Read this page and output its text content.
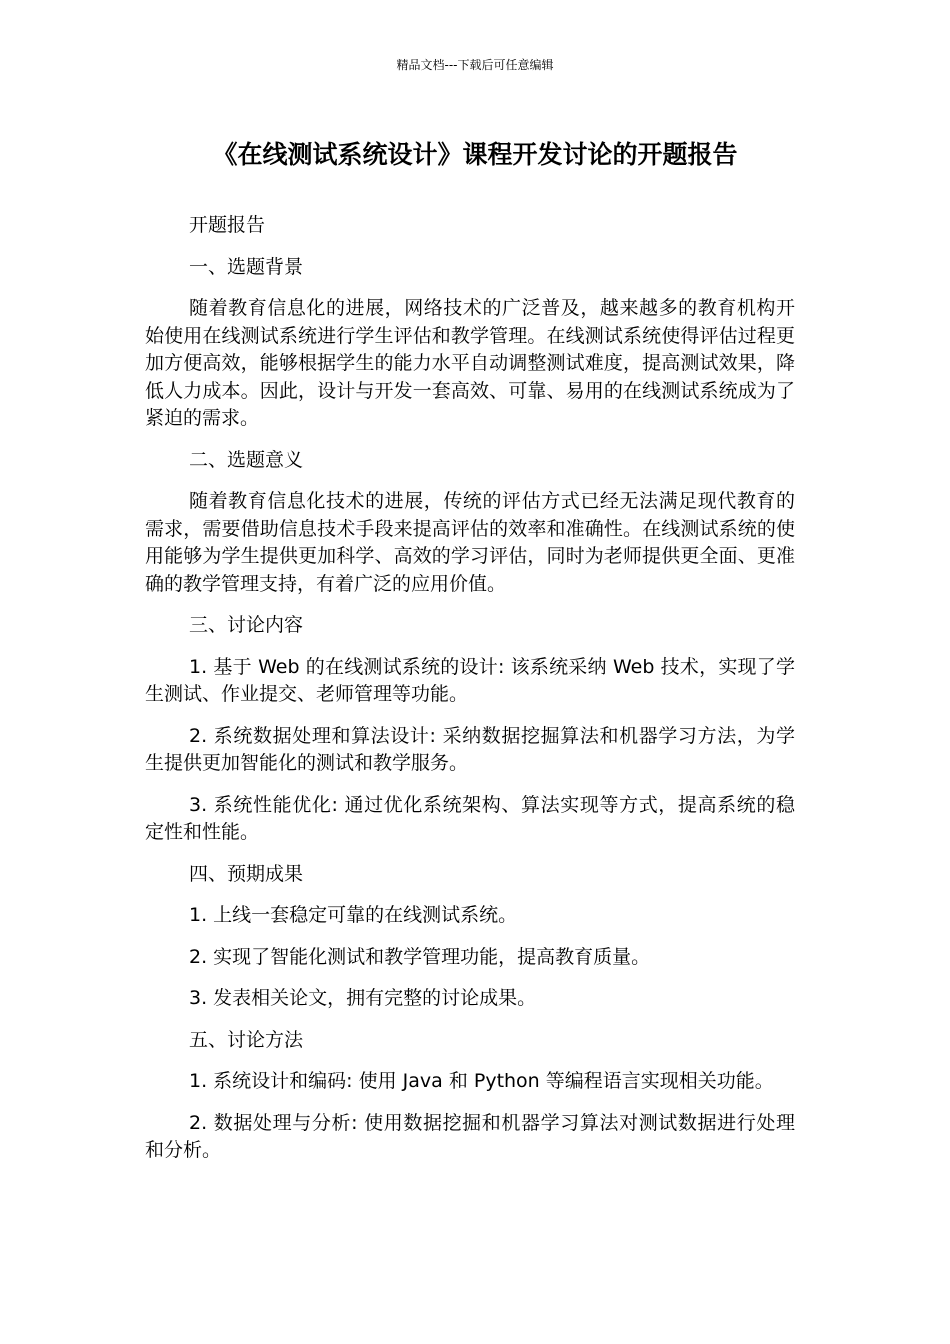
精品文档---下载后可任意编辑
《在线测试系统设计》课程开发讨论的开题报告

开题报告

一、选题背景

随着教育信息化的进展，网络技术的广泛普及，越来越多的教育机构开始使用在线测试系统进行学生评估和教学管理。在线测试系统使得评估过程更加方便高效，能够根据学生的能力水平自动调整测试难度，提高测试效果，降低人力成本。因此，设计与开发一套高效、可靠、易用的在线测试系统成为了紧迫的需求。

二、选题意义

随着教育信息化技术的进展，传统的评估方式已经无法满足现代教育的需求，需要借助信息技术手段来提高评估的效率和准确性。在线测试系统的使用能够为学生提供更加科学、高效的学习评估，同时为老师提供更全面、更准确的教学管理支持，有着广泛的应用价值。

三、讨论内容

1. 基于 Web 的在线测试系统的设计: 该系统采纳 Web 技术，实现了学生测试、作业提交、老师管理等功能。

2. 系统数据处理和算法设计: 采纳数据挖掘算法和机器学习方法，为学生提供更加智能化的测试和教学服务。

3. 系统性能优化: 通过优化系统架构、算法实现等方式，提高系统的稳定性和性能。

四、预期成果

1. 上线一套稳定可靠的在线测试系统。

2. 实现了智能化测试和教学管理功能，提高教育质量。

3. 发表相关论文，拥有完整的讨论成果。

五、讨论方法

1. 系统设计和编码: 使用 Java 和 Python 等编程语言实现相关功能。

2. 数据处理与分析: 使用数据挖掘和机器学习算法对测试数据进行处理和分析。
